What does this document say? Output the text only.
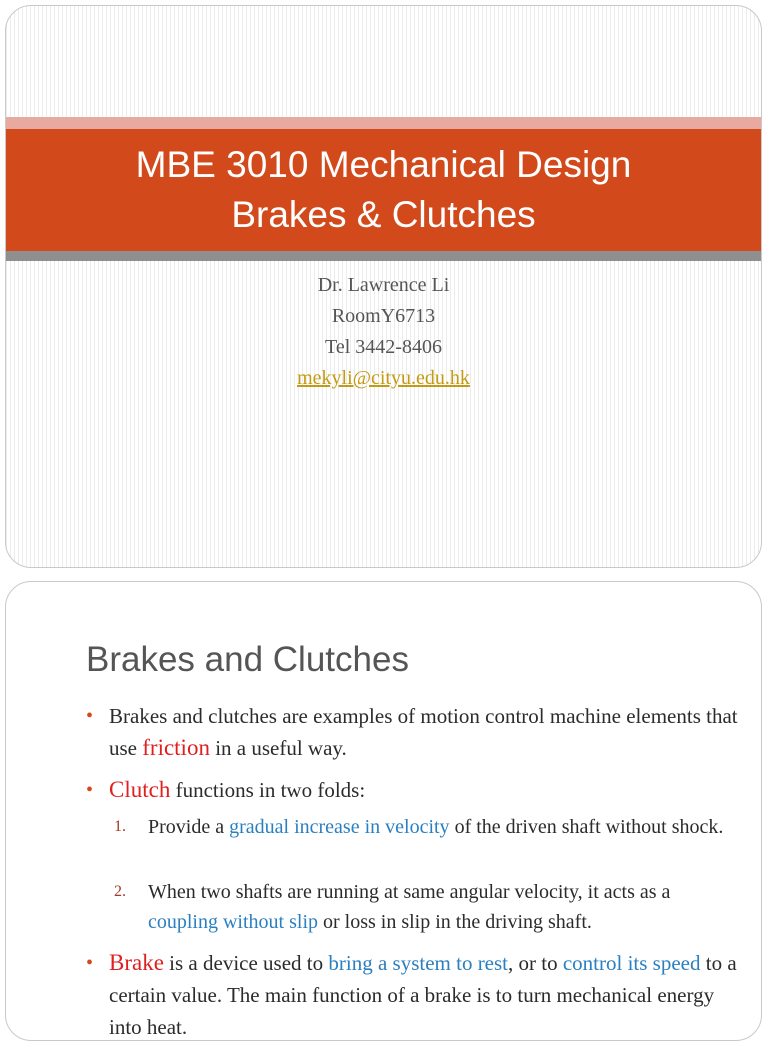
MBE 3010 Mechanical Design
Brakes & Clutches
Dr. Lawrence Li
RoomY6713
Tel 3442-8406
mekyli@cityu.edu.hk
Brakes and Clutches
• Brakes and clutches are examples of motion control machine elements that use friction in a useful way.
• Clutch functions in two folds:
1. Provide a gradual increase in velocity of the driven shaft without shock.
2. When two shafts are running at same angular velocity, it acts as a coupling without slip or loss in slip in the driving shaft.
• Brake is a device used to bring a system to rest, or to control its speed to a certain value. The main function of a brake is to turn mechanical energy into heat.
